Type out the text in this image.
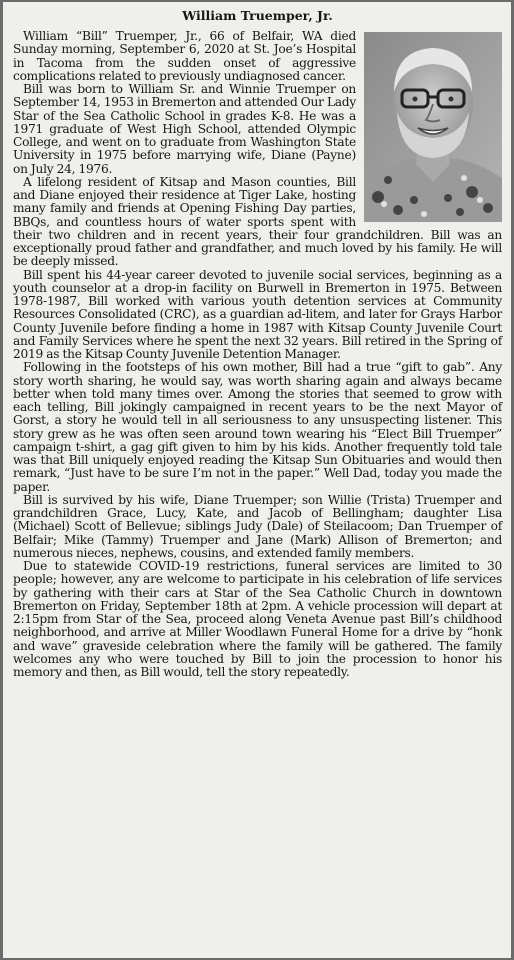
William Truemper, Jr.

William “Bill” Truemper, Jr., 66 of Belfair, WA died Sunday morning, September 6, 2020 at St. Joe’s Hospital in Tacoma from the sudden onset of aggressive complications related to previously undiagnosed cancer.

Bill was born to William Sr. and Winnie Truemper on September 14, 1953 in Bremerton and attended Our Lady Star of the Sea Catholic School in grades K-8. He was a 1971 graduate of West High School, attended Olympic College, and went on to graduate from Washington State University in 1975 before marrying wife, Diane (Payne) on July 24, 1976.

A lifelong resident of Kitsap and Mason counties, Bill and Diane enjoyed their residence at Tiger Lake, hosting many family and friends at Opening Fishing Day parties, BBQs, and countless hours of water sports spent with their two children and in recent years, their four grandchildren. Bill was an exceptionally proud father and grandfather, and much loved by his family. He will be deeply missed.

Bill spent his 44-year career devoted to juvenile social services, beginning as a youth counselor at a drop-in facility on Burwell in Bremerton in 1975. Between 1978-1987, Bill worked with various youth detention services at Community Resources Consolidated (CRC), as a guardian ad-litem, and later for Grays Harbor County Juvenile before finding a home in 1987 with Kitsap County Juvenile Court and Family Services where he spent the next 32 years. Bill retired in the Spring of 2019 as the Kitsap County Juvenile Detention Manager.

Following in the footsteps of his own mother, Bill had a true “gift to gab”. Any story worth sharing, he would say, was worth sharing again and always became better when told many times over. Among the stories that seemed to grow with each telling, Bill jokingly campaigned in recent years to be the next Mayor of Gorst, a story he would tell in all seriousness to any unsuspecting listener. This story grew as he was often seen around town wearing his “Elect Bill Truemper” campaign t-shirt, a gag gift given to him by his kids. Another frequently told tale was that Bill uniquely enjoyed reading the Kitsap Sun Obituaries and would then remark, “Just have to be sure I’m not in the paper.” Well Dad, today you made the paper.

Bill is survived by his wife, Diane Truemper; son Willie (Trista) Truemper and grandchildren Grace, Lucy, Kate, and Jacob of Bellingham; daughter Lisa (Michael) Scott of Bellevue; siblings Judy (Dale) of Steilacoom; Dan Truemper of Belfair; Mike (Tammy) Truemper and Jane (Mark) Allison of Bremerton; and numerous nieces, nephews, cousins, and extended family members.

Due to statewide COVID-19 restrictions, funeral services are limited to 30 people; however, any are welcome to participate in his celebration of life services by gathering with their cars at Star of the Sea Catholic Church in downtown Bremerton on Friday, September 18th at 2pm. A vehicle procession will depart at 2:15pm from Star of the Sea, proceed along Veneta Avenue past Bill’s childhood neighborhood, and arrive at Miller Woodlawn Funeral Home for a drive by “honk and wave” graveside celebration where the family will be gathered. The family welcomes any who were touched by Bill to join the procession to honor his memory and then, as Bill would, tell the story repeatedly.
